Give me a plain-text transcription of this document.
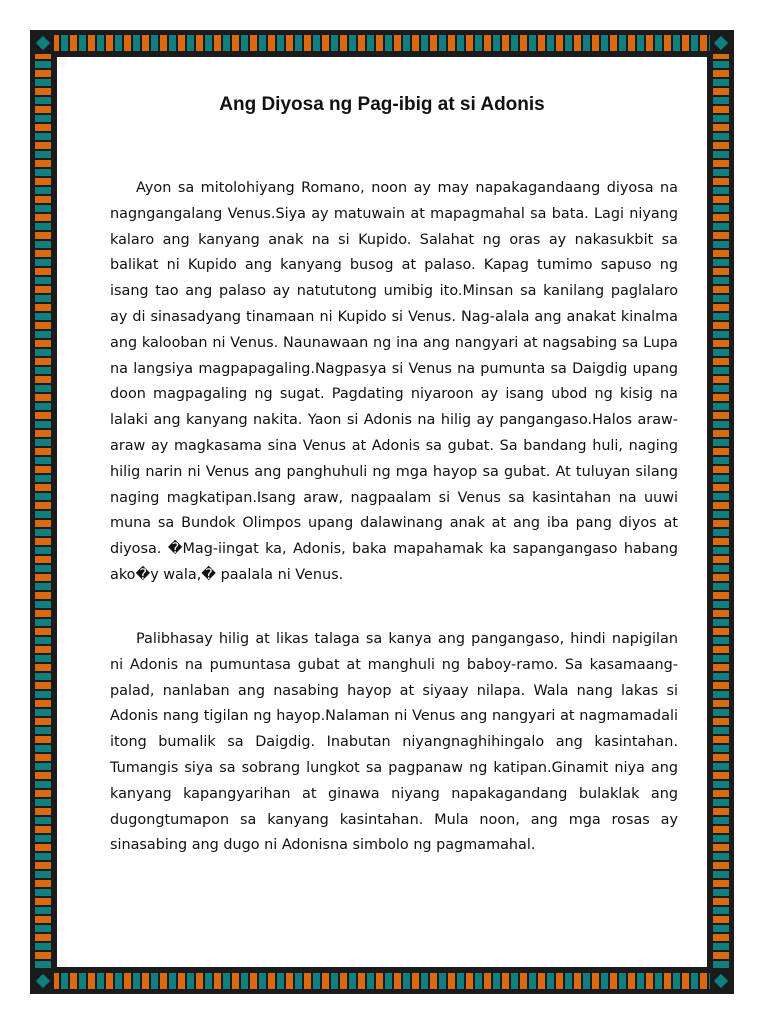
Ang Diyosa ng Pag-ibig at si Adonis

Ayon sa mitolohiyang Romano, noon ay may napakagandaang diyosa na nagngangalang Venus.Siya ay matuwain at mapagmahal sa bata. Lagi niyang kalaro ang kanyang anak na si Kupido. Salahat ng oras ay nakasukbit sa balikat ni Kupido ang kanyang busog at palaso. Kapag tumimo sapuso ng isang tao ang palaso ay natututong umibig ito.Minsan sa kanilang paglalaro ay di sinasadyang tinamaan ni Kupido si Venus. Nag-alala ang anakat kinalma ang kalooban ni Venus. Naunawaan ng ina ang nangyari at nagsabing sa Lupa na langsiya magpapagaling.Nagpasya si Venus na pumunta sa Daigdig upang doon magpagaling ng sugat. Pagdating niyaroon ay isang ubod ng kisig na lalaki ang kanyang nakita. Yaon si Adonis na hilig ay pangangaso.Halos araw-araw ay magkasama sina Venus at Adonis sa gubat. Sa bandang huli, naging hilig narin ni Venus ang panghuhuli ng mga hayop sa gubat. At tuluyan silang naging magkatipan.Isang araw, nagpaalam si Venus sa kasintahan na uuwi muna sa Bundok Olimpos upang dalawinang anak at ang iba pang diyos at diyosa. �Mag-iingat ka, Adonis, baka mapahamak ka sapangangaso habang ako�y wala,� paalala ni Venus.

Palibhasay hilig at likas talaga sa kanya ang pangangaso, hindi napigilan ni Adonis na pumuntasa gubat at manghuli ng baboy-ramo. Sa kasamaang-palad, nanlaban ang nasabing hayop at siyaay nilapa. Wala nang lakas si Adonis nang tigilan ng hayop.Nalaman ni Venus ang nangyari at nagmamadali itong bumalik sa Daigdig. Inabutan niyangnaghihingalo ang kasintahan. Tumangis siya sa sobrang lungkot sa pagpanaw ng katipan.Ginamit niya ang kanyang kapangyarihan at ginawa niyang napakagandang bulaklak ang dugongtumapon sa kanyang kasintahan. Mula noon, ang mga rosas ay sinasabing ang dugo ni Adonisna simbolo ng pagmamahal.
